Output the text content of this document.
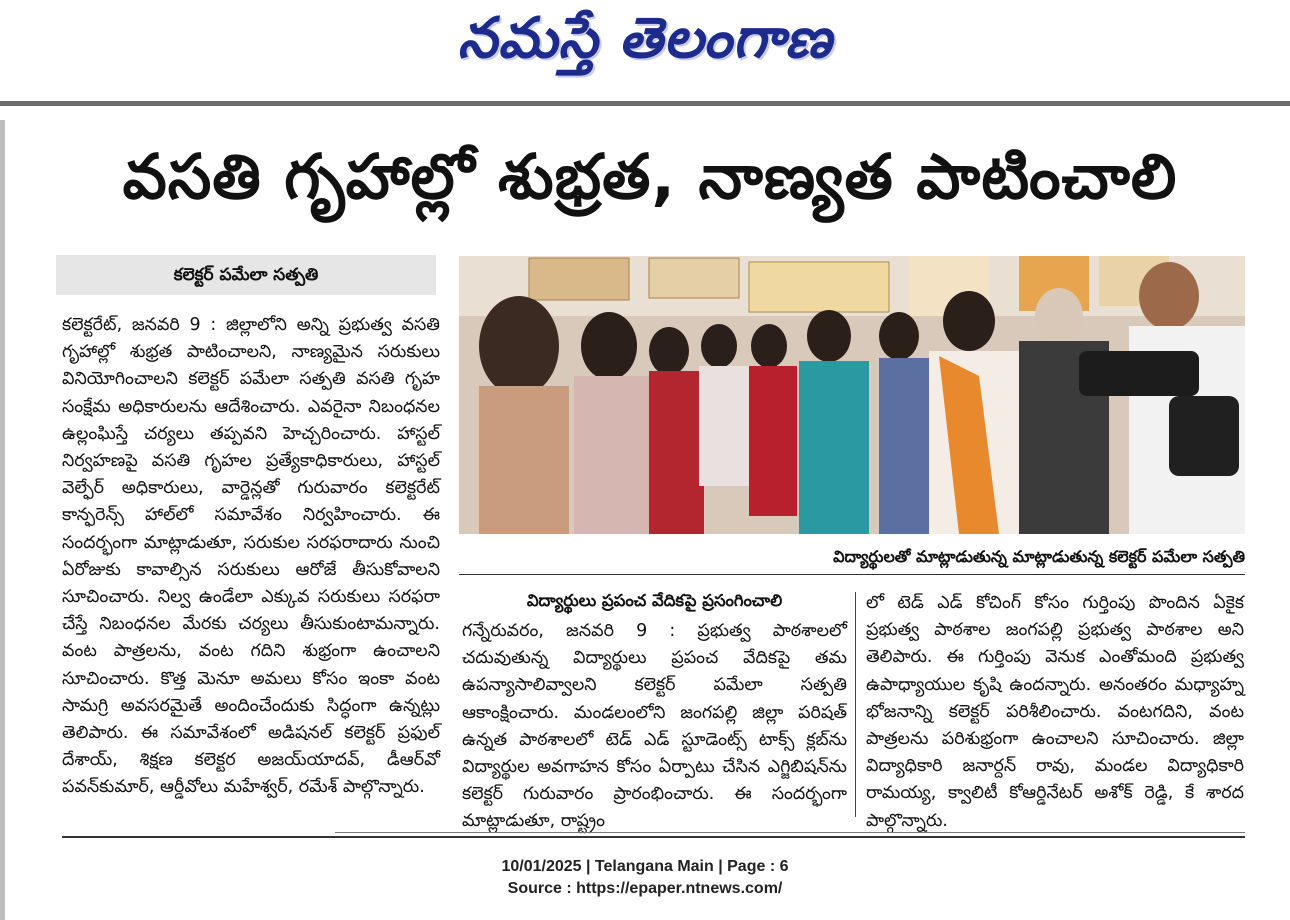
నమస్తే తెలంగాణ
వసతి గృహాల్లో శుభ్రత, నాణ్యత పాటించాలి
కలెక్టర్ పమేలా సత్పతి
కలెక్టరేట్, జనవరి 9 : జిల్లాలోని అన్ని ప్రభుత్వ వసతి గృహాల్లో శుభ్రత పాటించాలని, నాణ్యమైన సరుకులు వినియోగించాలని కలెక్టర్ పమేలా సత్పతి వసతి గృహ సంక్షేమ అధికారులను ఆదేశించారు. ఎవరైనా నిబంధనల ఉల్లంఘిస్తే చర్యలు తప్పవని హెచ్చరించారు. హాస్టల్ నిర్వహణపై వసతి గృహల ప్రత్యేకాధికారులు, హాస్టల్ వెల్ఫేర్ అధికారులు, వార్డెన్లతో గురువారం కలెక్టరేట్ కాన్ఫరెన్స్ హాల్‌లో సమావేశం నిర్వహించారు. ఈ సందర్భంగా మాట్లాడుతూ, సరుకుల సరఫరాదారు నుంచి ఏరోజుకు కావాల్సిన సరుకులు ఆరోజే తీసుకోవాలని సూచించారు. నిల్వ ఉండేలా ఎక్కువ సరుకులు సరఫరా చేస్తే నిబంధనల మేరకు చర్యలు తీసుకుంటామన్నారు. వంట పాత్రలను, వంట గదిని శుభ్రంగా ఉంచాలని సూచించారు. కొత్త మెనూ అమలు కోసం ఇంకా వంట సామగ్రి అవసరమైతే అందించేందుకు సిద్ధంగా ఉన్నట్లు తెలిపారు. ఈ సమావేశంలో అడిషనల్ కలెక్టర్ ప్రఫుల్ దేశాయ్, శిక్షణ కలెక్టర అజయ్‌యాదవ్, డీఆర్‌వో పవన్‌కుమార్, ఆర్డీవోలు మహేశ్వర్, రమేశ్ పాల్గొన్నారు.
విద్యార్థులతో మాట్లాడుతున్న మాట్లాడుతున్న కలెక్టర్ పమేలా సత్పతి
విద్యార్థులు ప్రపంచ వేదికపై ప్రసంగించాలి
గన్నేరువరం, జనవరి 9 : ప్రభుత్వ పాఠశాలలో చదువుతున్న విద్యార్థులు ప్రపంచ వేదికపై తమ ఉపన్యాసాలివ్వాలని కలెక్టర్ పమేలా సత్పతి ఆకాంక్షించారు. మండలంలోని జంగపల్లి జిల్లా పరిషత్ ఉన్నత పాఠశాలలో టెడ్ ఎడ్ స్టూడెంట్స్ టాక్స్ క్లబ్‌ను విద్యార్థుల అవగాహన కోసం ఏర్పాటు చేసిన ఎగ్జిబిషన్‌ను కలెక్టర్ గురువారం ప్రారంభించారు. ఈ సందర్భంగా మాట్లాడుతూ, రాష్ట్రం
లో టెడ్ ఎడ్ కోచింగ్ కోసం గుర్తింపు పొందిన ఏకైక ప్రభుత్వ పాఠశాల జంగపల్లి ప్రభుత్వ పాఠశాల అని తెలిపారు. ఈ గుర్తింపు వెనుక ఎంతోమంది ప్రభుత్వ ఉపాధ్యాయుల కృషి ఉందన్నారు. అనంతరం మధ్యాహ్న భోజనాన్ని కలెక్టర్ పరిశీలించారు. వంటగదిని, వంట పాత్రలను పరిశుభ్రంగా ఉంచాలని సూచించారు. జిల్లా విద్యాధికారి జనార్దన్ రావు, మండల విద్యాధికారి రామయ్య, క్వాలిటీ కోఆర్డినేటర్ అశోక్ రెడ్డి, కే శారద పాల్గొన్నారు.
10/01/2025 | Telangana Main | Page : 6
Source : https://epaper.ntnews.com/
